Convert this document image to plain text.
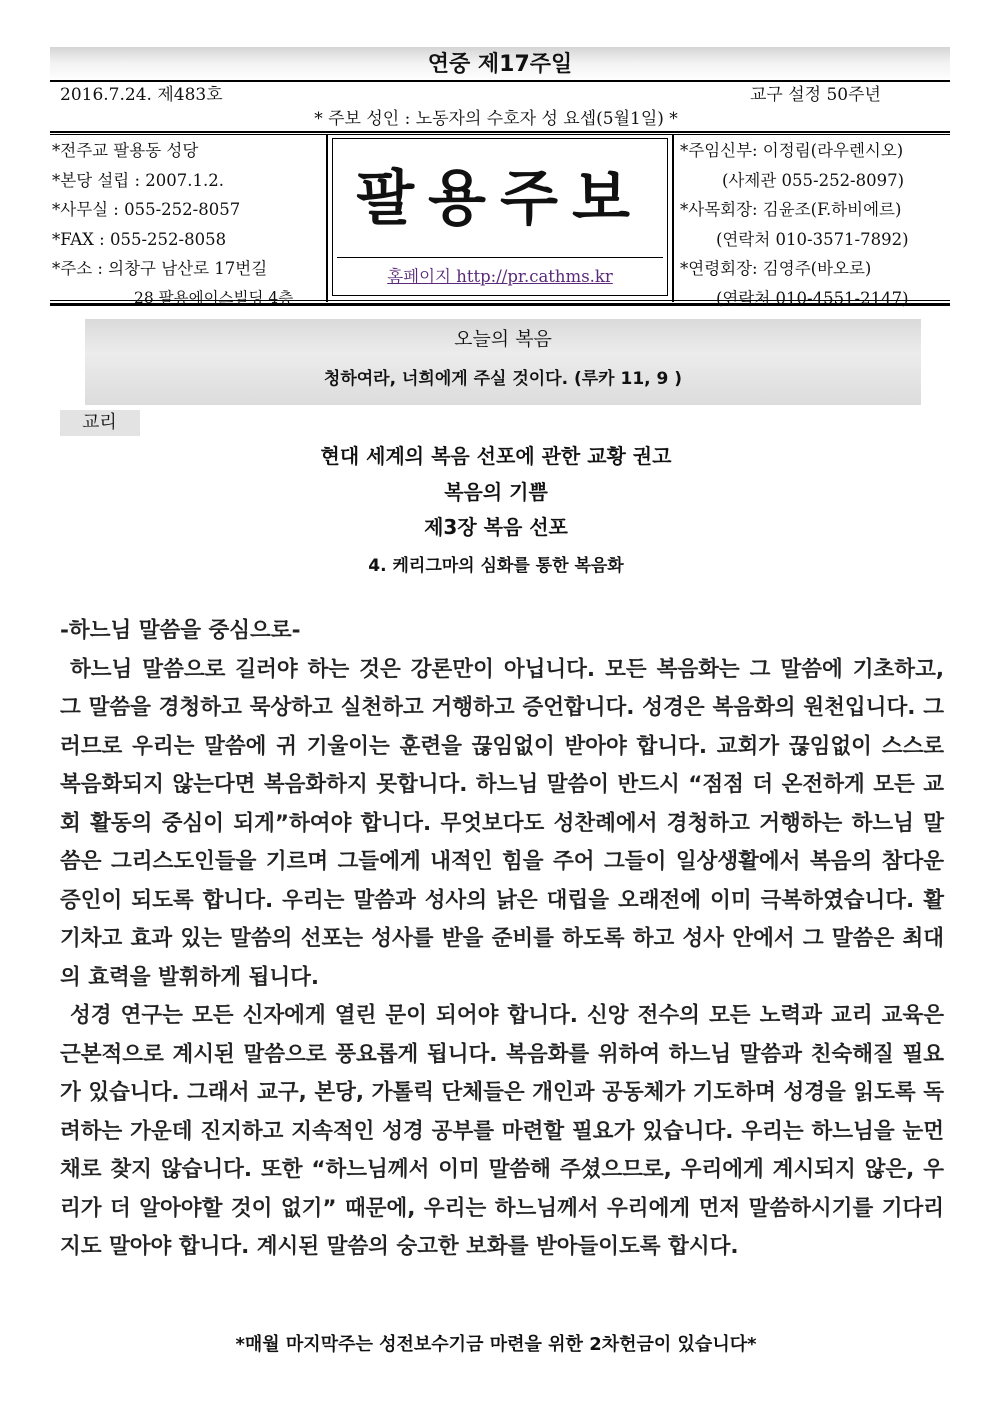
연중 제17주일
2016.7.24. 제483호	교구 설정 50주년
* 주보 성인 : 노동자의 수호자 성 요셉(5월1일) *
*전주교 팔용동 성당
*본당 설립 : 2007.1.2.
*사무실 : 055-252-8057
*FAX : 055-252-8058
*주소 : 의창구 남산로 17번길
28 팔용에이스빌딩 4층
팔용주보
홈페이지 http://pr.cathms.kr
*주임신부: 이정림(라우렌시오)
(사제관 055-252-8097)
*사목회장: 김윤조(F.하비에르)
(연락처 010-3571-7892)
*연령회장: 김영주(바오로)
(연락처 010-4551-2147)
오늘의 복음
청하여라, 너희에게 주실 것이다. (루카 11, 9 )
교리
현대 세계의 복음 선포에 관한 교황 권고
복음의 기쁨
제3장 복음 선포
4. 케리그마의 심화를 통한 복음화

-하느님 말씀을 중심으로-

하느님 말씀으로 길러야 하는 것은 강론만이 아닙니다. 모든 복음화는 그 말씀에 기초하고, 그 말씀을 경청하고 묵상하고 실천하고 거행하고 증언합니다. 성경은 복음화의 원천입니다. 그러므로 우리는 말씀에 귀 기울이는 훈련을 끊임없이 받아야 합니다. 교회가 끊임없이 스스로 복음화되지 않는다면 복음화하지 못합니다. 하느님 말씀이 반드시 “점점 더 온전하게 모든 교회 활동의 중심이 되게”하여야 합니다. 무엇보다도 성찬례에서 경청하고 거행하는 하느님 말씀은 그리스도인들을 기르며 그들에게 내적인 힘을 주어 그들이 일상생활에서 복음의 참다운 증인이 되도록 합니다. 우리는 말씀과 성사의 낡은 대립을 오래전에 이미 극복하였습니다. 활기차고 효과 있는 말씀의 선포는 성사를 받을 준비를 하도록 하고 성사 안에서 그 말씀은 최대의 효력을 발휘하게 됩니다.

성경 연구는 모든 신자에게 열린 문이 되어야 합니다. 신앙 전수의 모든 노력과 교리 교육은 근본적으로 계시된 말씀으로 풍요롭게 됩니다. 복음화를 위하여 하느님 말씀과 친숙해질 필요가 있습니다. 그래서 교구, 본당, 가톨릭 단체들은 개인과 공동체가 기도하며 성경을 읽도록 독려하는 가운데 진지하고 지속적인 성경 공부를 마련할 필요가 있습니다. 우리는 하느님을 눈먼 채로 찾지 않습니다. 또한 “하느님께서 이미 말씀해 주셨으므로, 우리에게 계시되지 않은, 우리가 더 알아야할 것이 없기” 때문에, 우리는 하느님께서 우리에게 먼저 말씀하시기를 기다리지도 말아야 합니다. 계시된 말씀의 숭고한 보화를 받아들이도록 합시다.

*매월 마지막주는 성전보수기금 마련을 위한 2차헌금이 있습니다*
